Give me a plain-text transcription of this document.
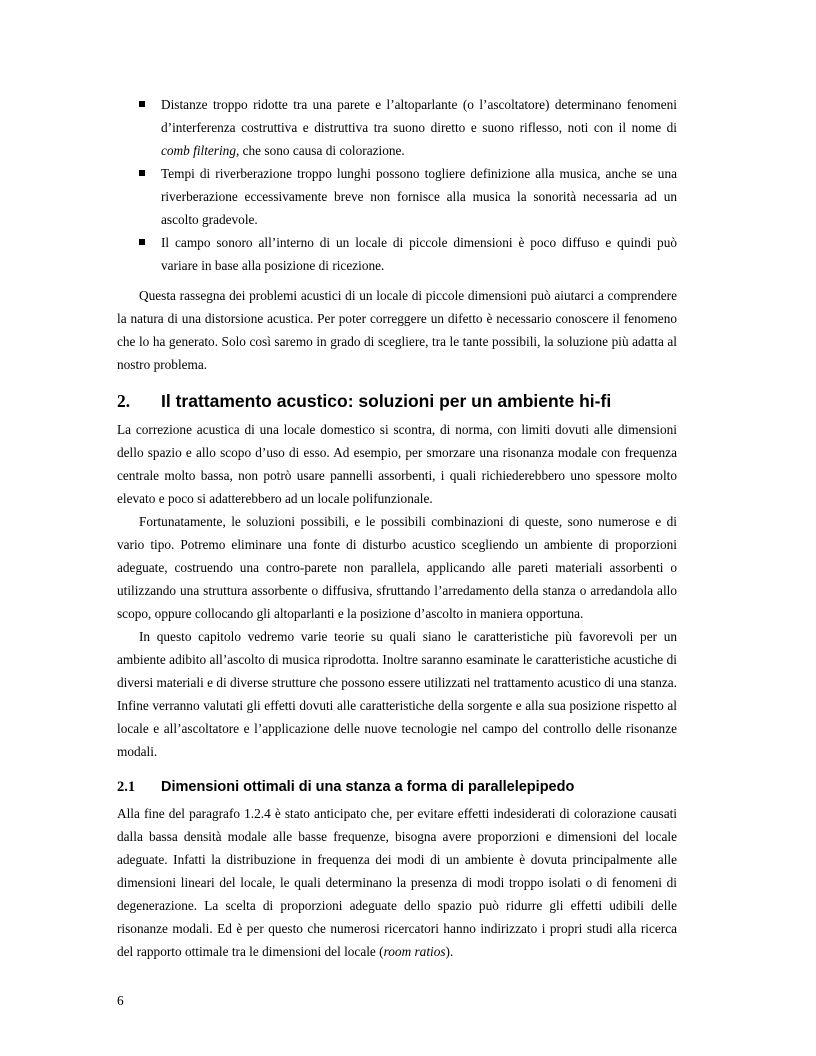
Distanze troppo ridotte tra una parete e l’altoparlante (o l’ascoltatore) determinano fenomeni d’interferenza costruttiva e distruttiva tra suono diretto e suono riflesso, noti con il nome di comb filtering, che sono causa di colorazione.
Tempi di riverberazione troppo lunghi possono togliere definizione alla musica, anche se una riverberazione eccessivamente breve non fornisce alla musica la sonorità necessaria ad un ascolto gradevole.
Il campo sonoro all’interno di un locale di piccole dimensioni è poco diffuso e quindi può variare in base alla posizione di ricezione.

Questa rassegna dei problemi acustici di un locale di piccole dimensioni può aiutarci a comprendere la natura di una distorsione acustica. Per poter correggere un difetto è necessario conoscere il fenomeno che lo ha generato. Solo così saremo in grado di scegliere, tra le tante possibili, la soluzione più adatta al nostro problema.

2.	Il trattamento acustico: soluzioni per un ambiente hi-fi

La correzione acustica di una locale domestico si scontra, di norma, con limiti dovuti alle dimensioni dello spazio e allo scopo d’uso di esso. Ad esempio, per smorzare una risonanza modale con frequenza centrale molto bassa, non potrò usare pannelli assorbenti, i quali richiederebbero uno spessore molto elevato e poco si adatterebbero ad un locale polifunzionale.

Fortunatamente, le soluzioni possibili, e le possibili combinazioni di queste, sono numerose e di vario tipo. Potremo eliminare una fonte di disturbo acustico scegliendo un ambiente di proporzioni adeguate, costruendo una contro-parete non parallela, applicando alle pareti materiali assorbenti o utilizzando una struttura assorbente o diffusiva, sfruttando l’arredamento della stanza o arredandola allo scopo, oppure collocando gli altoparlanti e la posizione d’ascolto in maniera opportuna.

In questo capitolo vedremo varie teorie su quali siano le caratteristiche più favorevoli per un ambiente adibito all’ascolto di musica riprodotta. Inoltre saranno esaminate le caratteristiche acustiche di diversi materiali e di diverse strutture che possono essere utilizzati nel trattamento acustico di una stanza. Infine verranno valutati gli effetti dovuti alle caratteristiche della sorgente e alla sua posizione rispetto al locale e all’ascoltatore e l’applicazione delle nuove tecnologie nel campo del controllo delle risonanze modali.

2.1	Dimensioni ottimali di una stanza a forma di parallelepipedo

Alla fine del paragrafo 1.2.4 è stato anticipato che, per evitare effetti indesiderati di colorazione causati dalla bassa densità modale alle basse frequenze, bisogna avere proporzioni e dimensioni del locale adeguate. Infatti la distribuzione in frequenza dei modi di un ambiente è dovuta principalmente alle dimensioni lineari del locale, le quali determinano la presenza di modi troppo isolati o di fenomeni di degenerazione. La scelta di proporzioni adeguate dello spazio può ridurre gli effetti udibili delle risonanze modali. Ed è per questo che numerosi ricercatori hanno indirizzato i propri studi alla ricerca del rapporto ottimale tra le dimensioni del locale (room ratios).

6
